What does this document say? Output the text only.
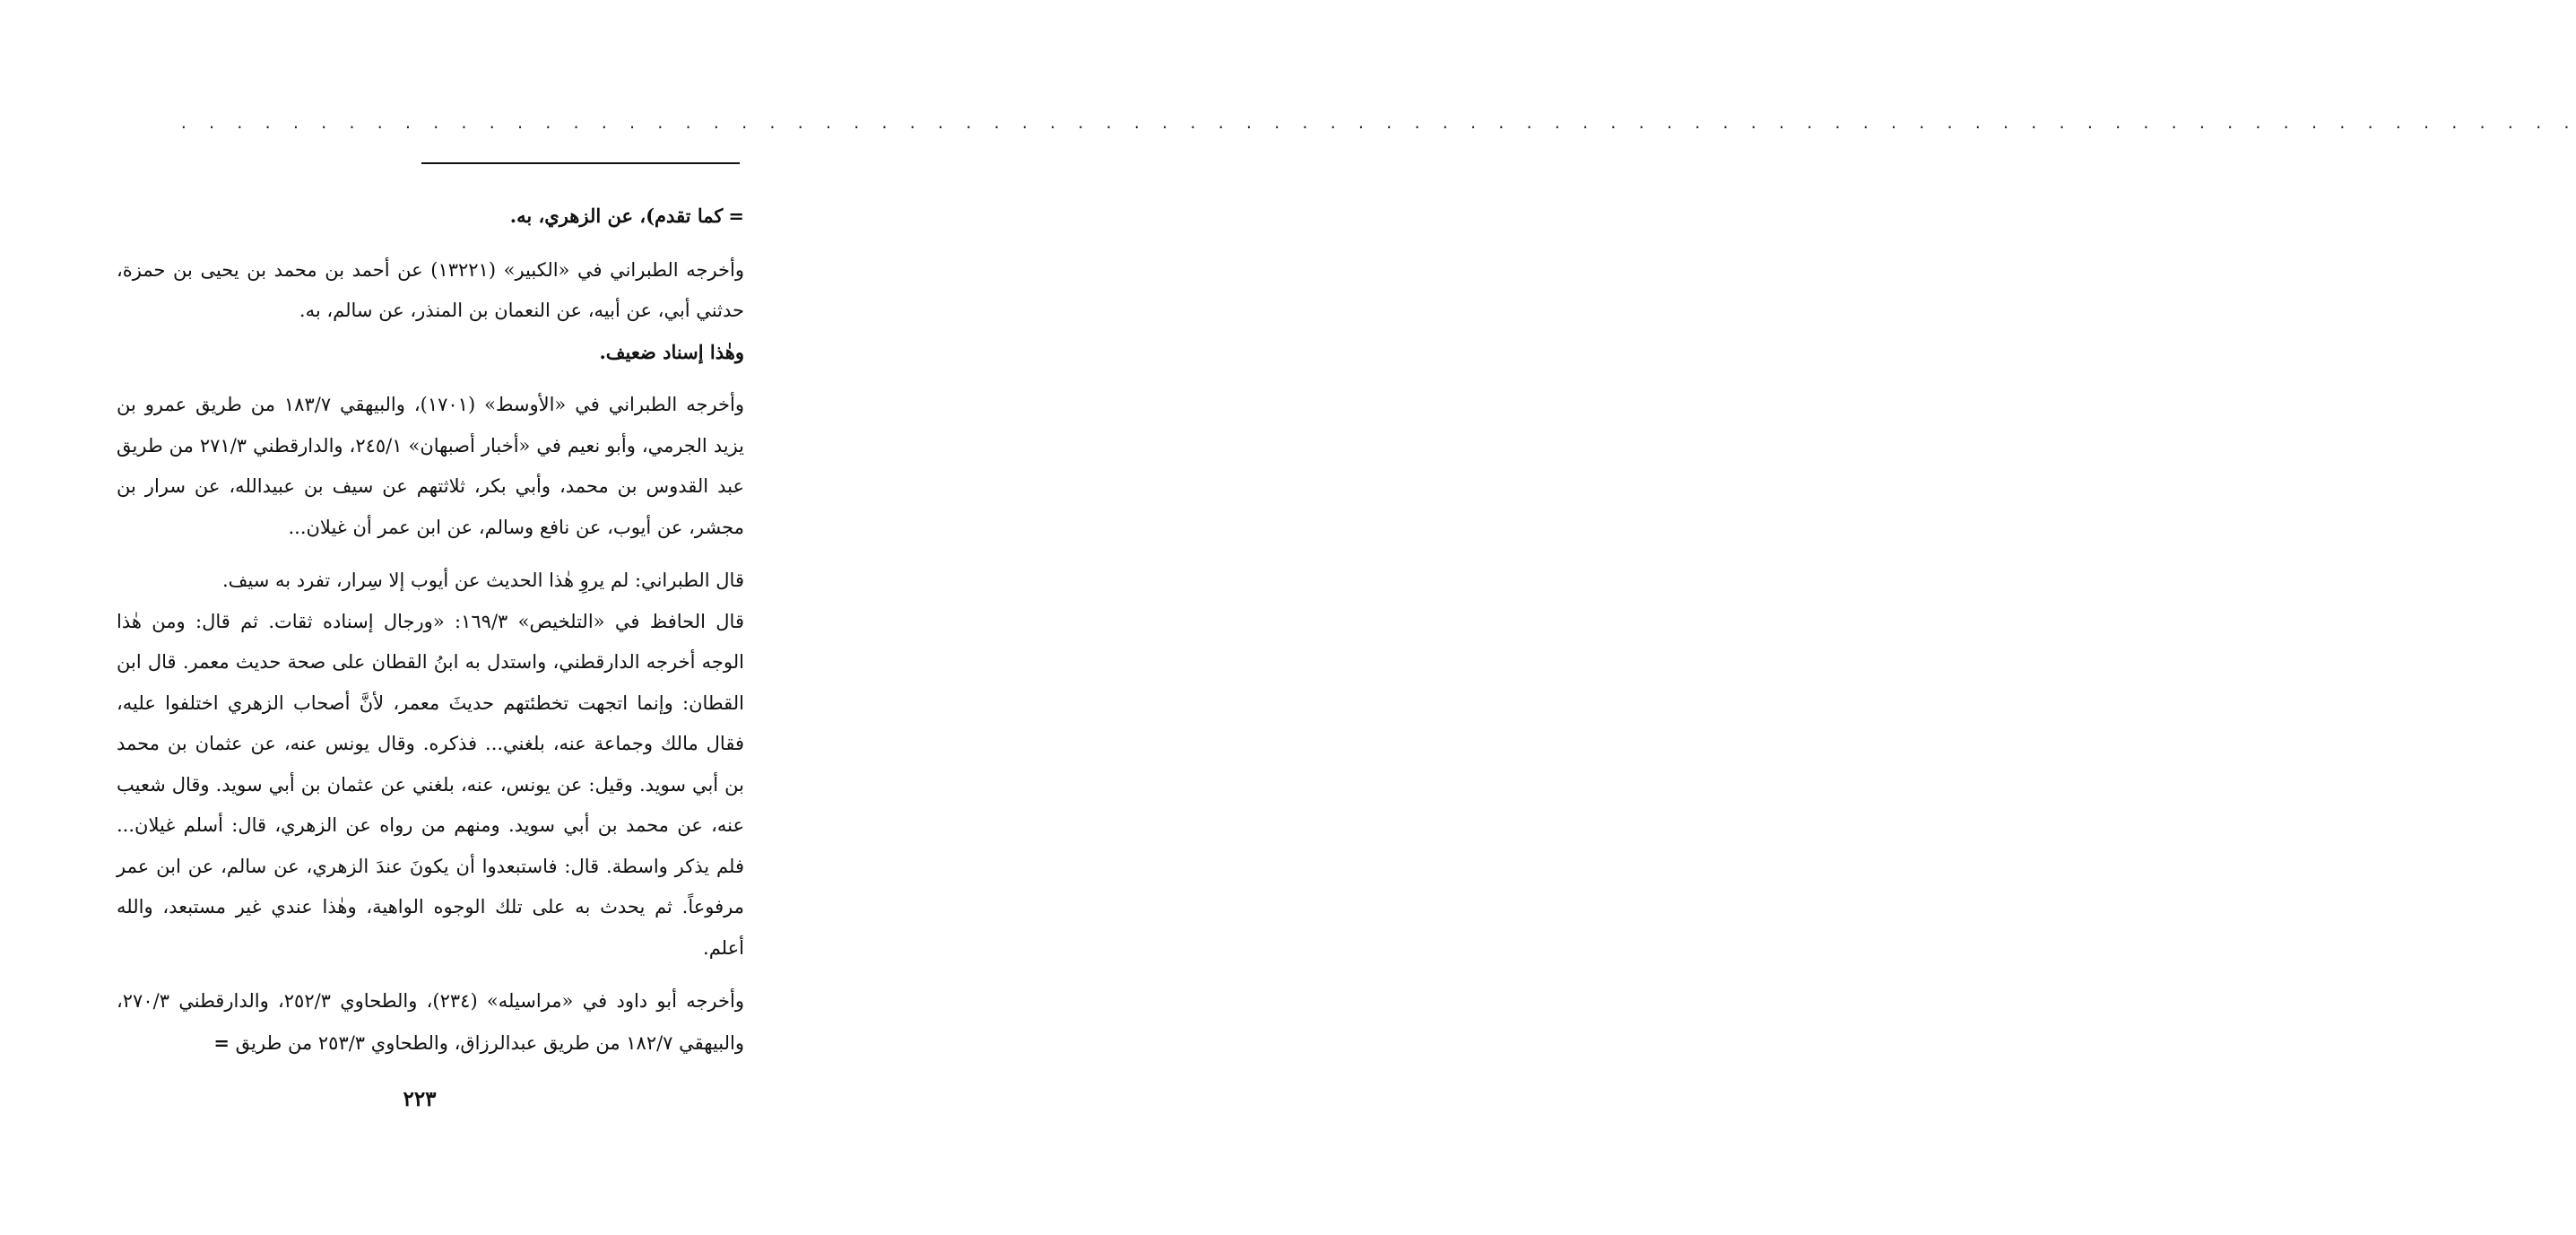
. . . . . . . . . . . . . . . . . . . . . . . . . . . . . . . . . . . . . . . . . . . . . . . . . . . . . . . . . . . . . . . . . . . . . . . . . . . . . . . . . . . . . .

=كما تقدم)، عن الزهري، به.

وأخرجه الطبراني في «الكبير» (١٣٢٢١) عن أحمد بن محمد بن يحيى بن حمزة، حدثني أبي، عن أبيه، عن النعمان بن المنذر، عن سالم، به.

وهٰذا إسناد ضعيف.

وأخرجه الطبراني في «الأوسط» (١٧٠١)، والبيهقي ١٨٣/٧ من طريق عمرو بن يزيد الجرمي، وأبو نعيم في «أخبار أصبهان» ٢٤٥/١، والدارقطني ٢٧١/٣ من طريق عبد القدوس بن محمد، وأبي بكر، ثلاثتهم عن سيف بن عبيدالله، عن سرار بن مجشر، عن أيوب، عن نافع وسالم، عن ابن عمر أن غيلان...

قال الطبراني: لم يروِ هٰذا الحديث عن أيوب إلا سِرار، تفرد به سيف.

قال الحافظ في «التلخيص» ١٦٩/٣: «ورجال إسناده ثقات. ثم قال: ومن هٰذا الوجه أخرجه الدارقطني، واستدل به ابنُ القطان على صحة حديث معمر. قال ابن القطان: وإنما اتجهت تخطئتهم حديثَ معمر، لأنَّ أصحاب الزهري اختلفوا عليه، فقال مالك وجماعة عنه، بلغني... فذكره. وقال يونس عنه، عن عثمان بن محمد بن أبي سويد. وقيل: عن يونس، عنه، بلغني عن عثمان بن أبي سويد. وقال شعيب عنه، عن محمد بن أبي سويد. ومنهم من رواه عن الزهري، قال: أسلم غيلان... فلم يذكر واسطة. قال: فاستبعدوا أن يكونَ عندَ الزهري، عن سالم، عن ابن عمر مرفوعاً. ثم يحدث به على تلك الوجوه الواهية، وهٰذا عندي غير مستبعد، والله أعلم.

وأخرجه أبو داود في «مراسيله» (٢٣٤)، والطحاوي ٢٥٢/٣، والدارقطني ٢٧٠/٣، والبيهقي ١٨٢/٧ من طريق عبدالرزاق، والطحاوي ٢٥٣/٣ من طريق =

٢٢٣
